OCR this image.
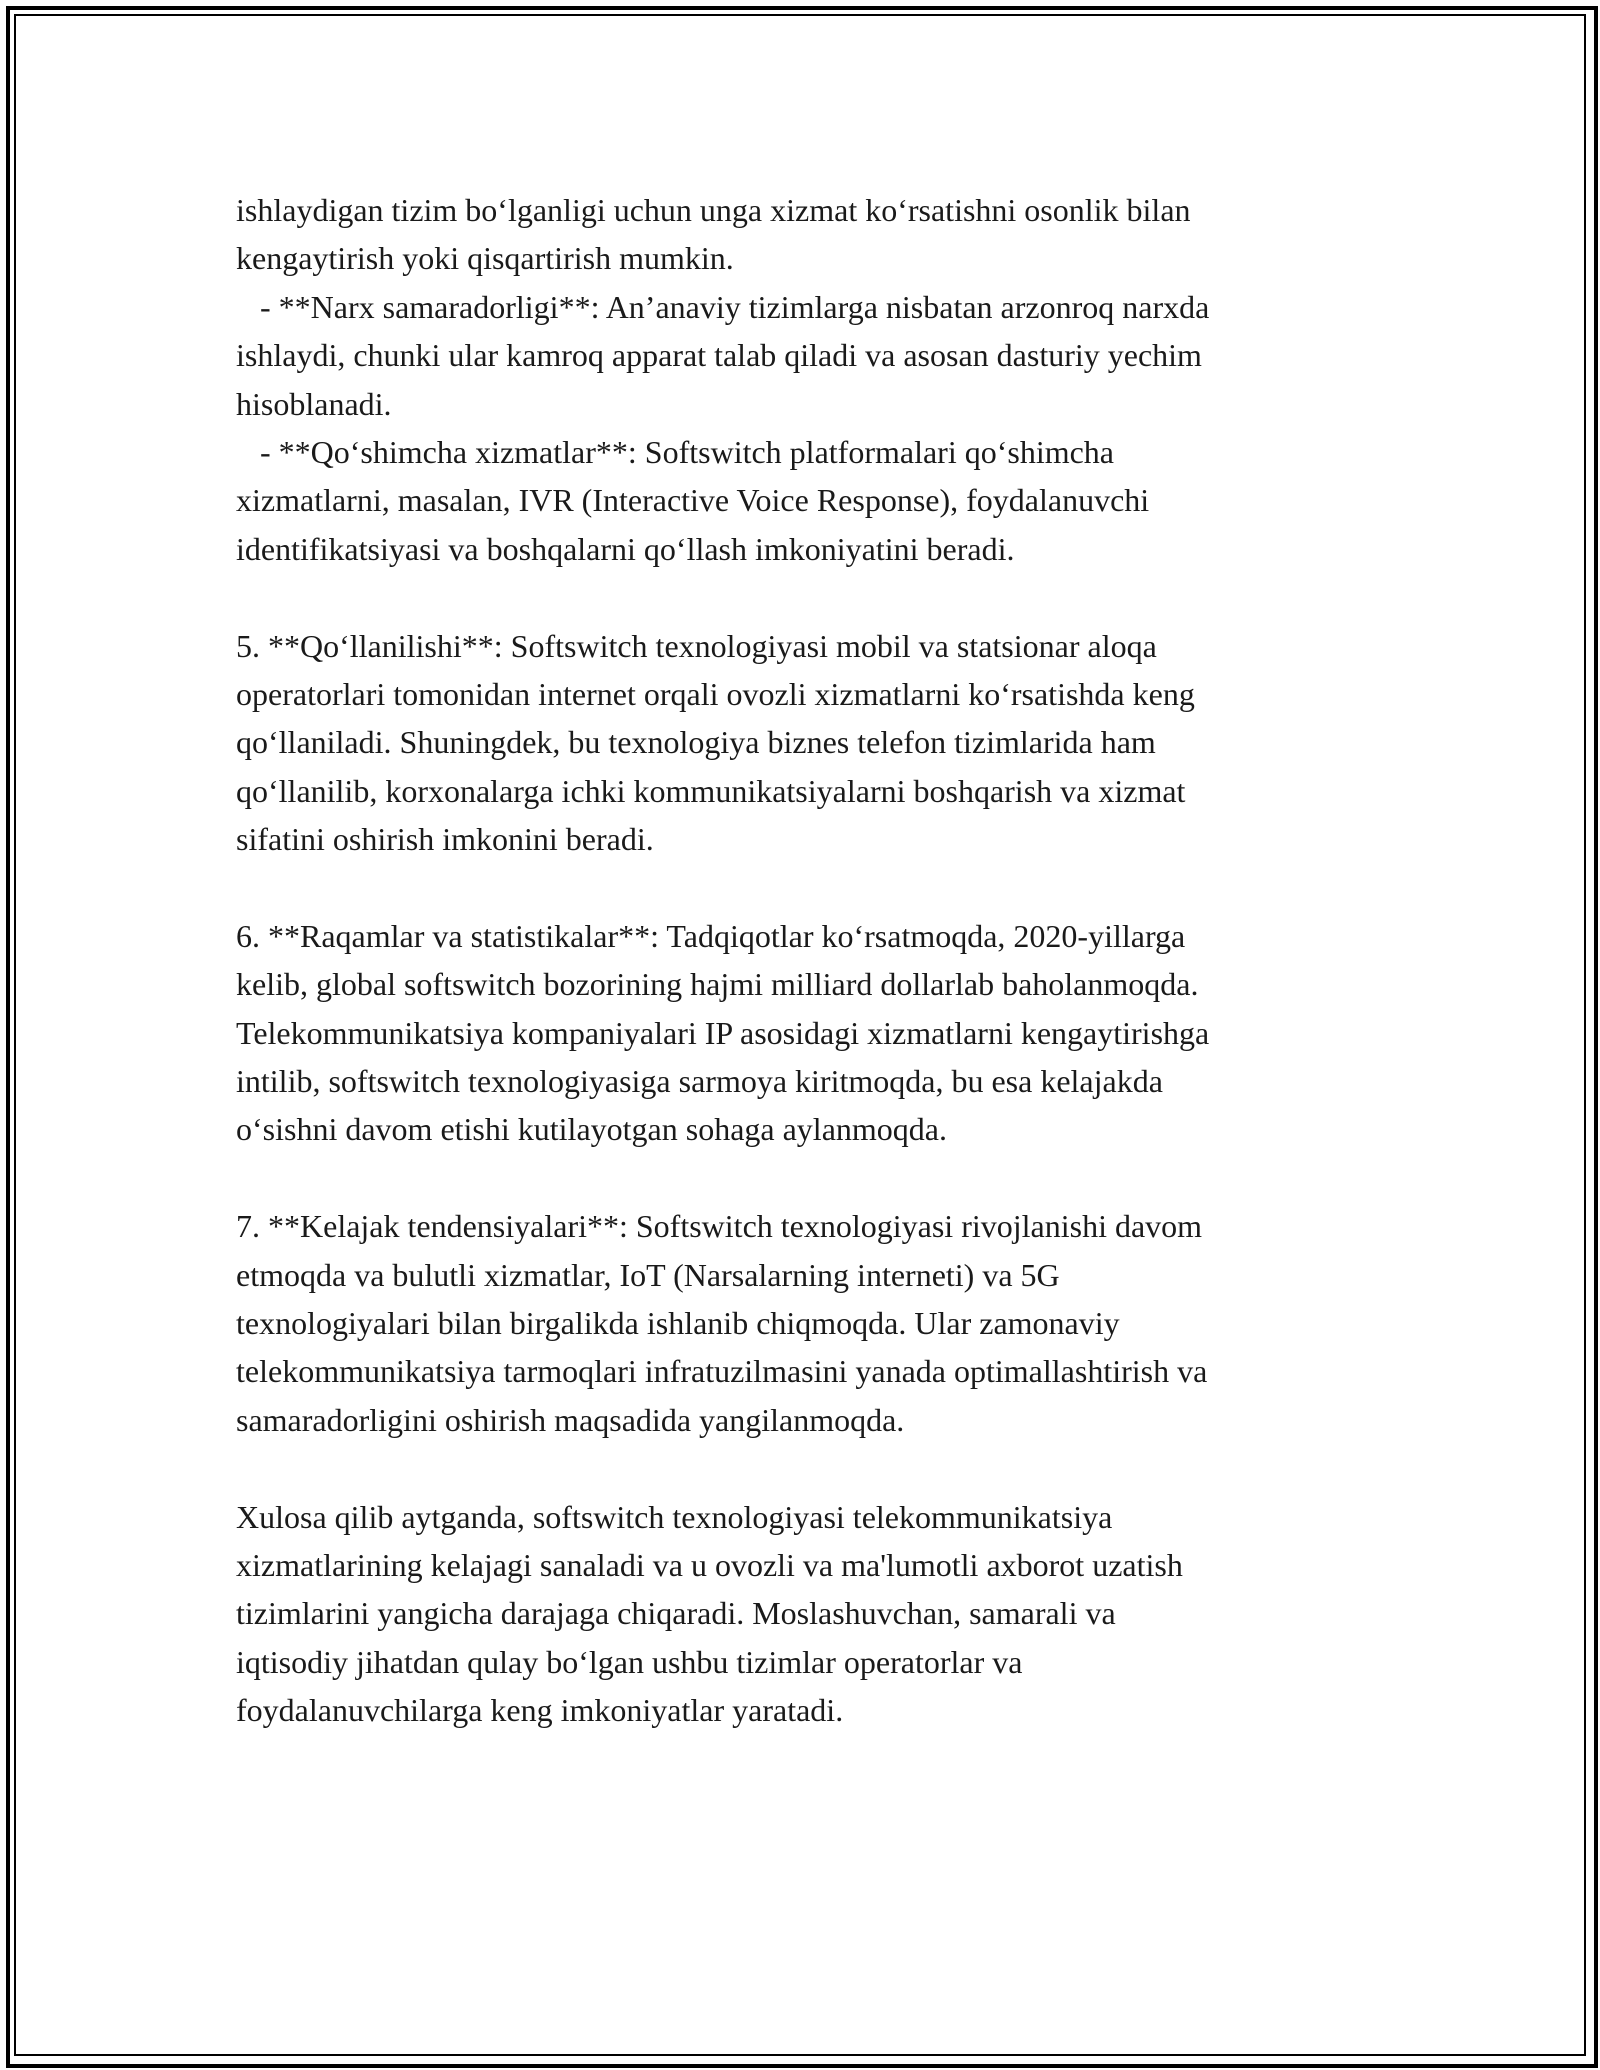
ishlaydigan tizim bo‘lganligi uchun unga xizmat ko‘rsatishni osonlik bilan
kengaytirish yoki qisqartirish mumkin.
- **Narx samaradorligi**: An’anaviy tizimlarga nisbatan arzonroq narxda
ishlaydi, chunki ular kamroq apparat talab qiladi va asosan dasturiy yechim
hisoblanadi.
- **Qo‘shimcha xizmatlar**: Softswitch platformalari qo‘shimcha
xizmatlarni, masalan, IVR (Interactive Voice Response), foydalanuvchi
identifikatsiyasi va boshqalarni qo‘llash imkoniyatini beradi.
5. **Qo‘llanilishi**: Softswitch texnologiyasi mobil va statsionar aloqa
operatorlari tomonidan internet orqali ovozli xizmatlarni ko‘rsatishda keng
qo‘llaniladi. Shuningdek, bu texnologiya biznes telefon tizimlarida ham
qo‘llanilib, korxonalarga ichki kommunikatsiyalarni boshqarish va xizmat
sifatini oshirish imkonini beradi.
6. **Raqamlar va statistikalar**: Tadqiqotlar ko‘rsatmoqda, 2020-yillarga
kelib, global softswitch bozorining hajmi milliard dollarlab baholanmoqda.
Telekommunikatsiya kompaniyalari IP asosidagi xizmatlarni kengaytirishga
intilib, softswitch texnologiyasiga sarmoya kiritmoqda, bu esa kelajakda
o‘sishni davom etishi kutilayotgan sohaga aylanmoqda.
7. **Kelajak tendensiyalari**: Softswitch texnologiyasi rivojlanishi davom
etmoqda va bulutli xizmatlar, IoT (Narsalarning interneti) va 5G
texnologiyalari bilan birgalikda ishlanib chiqmoqda. Ular zamonaviy
telekommunikatsiya tarmoqlari infratuzilmasini yanada optimallashtirish va
samaradorligini oshirish maqsadida yangilanmoqda.
Xulosa qilib aytganda, softswitch texnologiyasi telekommunikatsiya
xizmatlarining kelajagi sanaladi va u ovozli va ma'lumotli axborot uzatish
tizimlarini yangicha darajaga chiqaradi. Moslashuvchan, samarali va
iqtisodiy jihatdan qulay bo‘lgan ushbu tizimlar operatorlar va
foydalanuvchilarga keng imkoniyatlar yaratadi.
